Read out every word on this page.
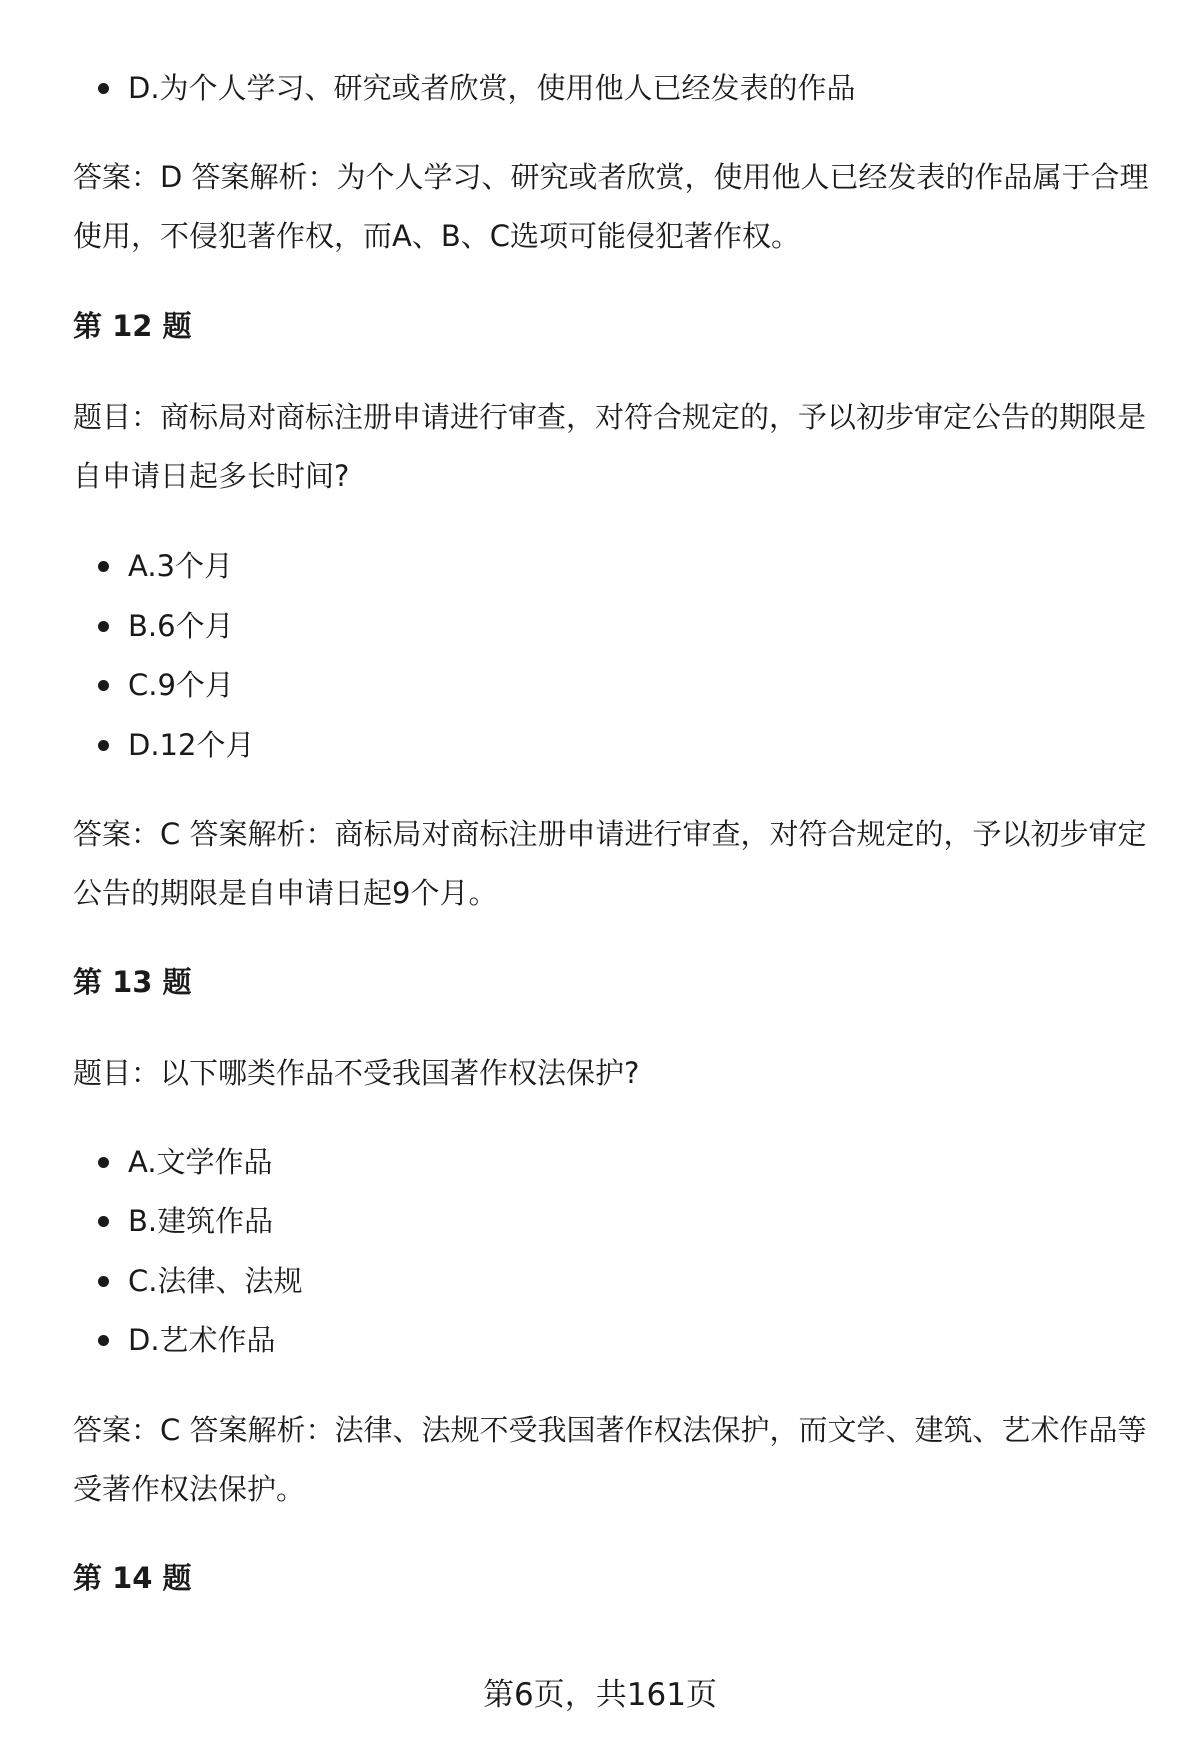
D.为个人学习、研究或者欣赏，使用他人已经发表的作品

答案：D 答案解析：为个人学习、研究或者欣赏，使用他人已经发表的作品属于合理使用，不侵犯著作权，而A、B、C选项可能侵犯著作权。

第 12 题

题目：商标局对商标注册申请进行审查，对符合规定的，予以初步审定公告的期限是自申请日起多长时间?

A.3个月

B.6个月

C.9个月

D.12个月

答案：C 答案解析：商标局对商标注册申请进行审查，对符合规定的，予以初步审定公告的期限是自申请日起9个月。

第 13 题

题目：以下哪类作品不受我国著作权法保护?

A.文学作品

B.建筑作品

C.法律、法规

D.艺术作品

答案：C 答案解析：法律、法规不受我国著作权法保护，而文学、建筑、艺术作品等受著作权法保护。

第 14 题

第6页，共161页
